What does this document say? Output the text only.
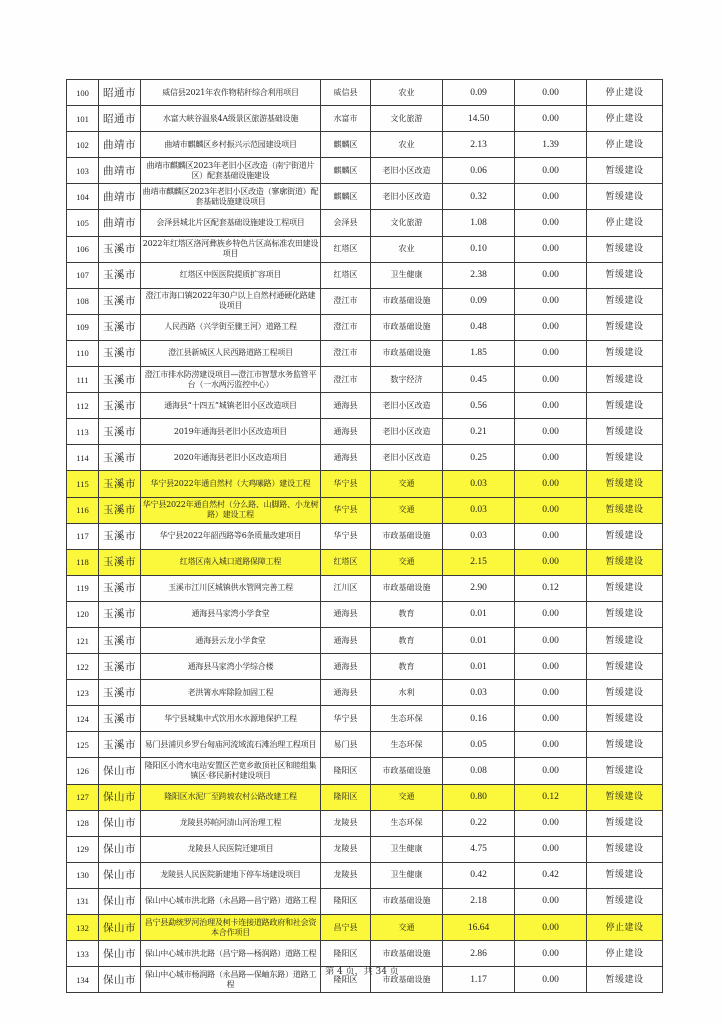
100	昭通市	威信县2021年农作物秸秆综合利用项目	威信县	农业	0.09	0.00	停止建设
101	昭通市	水富大峡谷温泉4A级景区旅游基础设施	水富市	文化旅游	14.50	0.00	停止建设
102	曲靖市	曲靖市麒麟区乡村振兴示范园建设项目	麒麟区	农业	2.13	1.39	停止建设
103	曲靖市	曲靖市麒麟区2023年老旧小区改造（南宁街道片区）配套基础设施建设	麒麟区	老旧小区改造	0.06	0.00	暂缓建设
104	曲靖市	曲靖市麒麟区2023年老旧小区改造（寥廓街道）配套基础设施建设项目	麒麟区	老旧小区改造	0.32	0.00	暂缓建设
105	曲靖市	会泽县城北片区配套基础设施建设工程项目	会泽县	文化旅游	1.08	0.00	停止建设
106	玉溪市	2022年红塔区洛河彝族乡特色片区高标准农田建设项目	红塔区	农业	0.10	0.00	暂缓建设
107	玉溪市	红塔区中医医院提质扩容项目	红塔区	卫生健康	2.38	0.00	暂缓建设
108	玉溪市	澄江市海口镇2022年30户以上自然村通硬化路建设项目	澄江市	市政基础设施	0.09	0.00	暂缓建设
109	玉溪市	人民西路（兴学街至骤王河）道路工程	澄江市	市政基础设施	0.48	0.00	暂缓建设
110	玉溪市	澄江县新城区人民西路道路工程项目	澄江市	市政基础设施	1.85	0.00	暂缓建设
111	玉溪市	澄江市排水防涝建设项目—澄江市智慧水务监管平台（一水两污监控中心）	澄江市	数字经济	0.45	0.00	暂缓建设
112	玉溪市	通海县“十四五”城镇老旧小区改造项目	通海县	老旧小区改造	0.56	0.00	暂缓建设
113	玉溪市	2019年通海县老旧小区改造项目	通海县	老旧小区改造	0.21	0.00	暂缓建设
114	玉溪市	2020年通海县老旧小区改造项目	通海县	老旧小区改造	0.25	0.00	暂缓建设
115	玉溪市	华宁县2022年通自然村（大鸡嗉路）建设工程	华宁县	交通	0.03	0.00	暂缓建设
116	玉溪市	华宁县2022年通自然村（分么路、山脚路、小龙树路）建设工程	华宁县	交通	0.03	0.00	暂缓建设
117	玉溪市	华宁县2022年韶西路等6条质量改建项目	华宁县	市政基础设施	0.03	0.00	暂缓建设
118	玉溪市	红塔区南入城口道路保障工程	红塔区	交通	2.15	0.00	暂缓建设
119	玉溪市	玉溪市江川区城镇供水管网完善工程	江川区	市政基础设施	2.90	0.12	暂缓建设
120	玉溪市	通海县马家湾小学食堂	通海县	教育	0.01	0.00	暂缓建设
121	玉溪市	通海县云龙小学食堂	通海县	教育	0.01	0.00	暂缓建设
122	玉溪市	通海县马家湾小学综合楼	通海县	教育	0.01	0.00	暂缓建设
123	玉溪市	老洪箐水库除险加固工程	通海县	水利	0.03	0.00	暂缓建设
124	玉溪市	华宁县城集中式饮用水水源地保护工程	华宁县	生态环保	0.16	0.00	暂缓建设
125	玉溪市	易门县浦贝乡罗台甸庙河流域流石滩治理工程项目	易门县	生态环保	0.05	0.00	暂缓建设
126	保山市	隆阳区小湾水电站安置区芒宽乡敢顶社区和睦组集镇区·移民新村建设项目	隆阳区	市政基础设施	0.08	0.00	暂缓建设
127	保山市	隆阳区水泥厂至跨坡农村公路改建工程	隆阳区	交通	0.80	0.12	暂缓建设
128	保山市	龙陵县苏帕河清山河治理工程	龙陵县	生态环保	0.22	0.00	暂缓建设
129	保山市	龙陵县人民医院迁建项目	龙陵县	卫生健康	4.75	0.00	暂缓建设
130	保山市	龙陵县人民医院新建地下停车场建设项目	龙陵县	卫生健康	0.42	0.42	暂缓建设
131	保山市	保山中心城市洪北路（永昌路—昌宁路）道路工程	隆阳区	市政基础设施	2.18	0.00	暂缓建设
132	保山市	昌宁县勐统罗河治理及柯卡连接道路政府和社会资本合作项目	昌宁县	交通	16.64	0.00	停止建设
133	保山市	保山中心城市洪北路（昌宁路—杨润路）道路工程	隆阳区	市政基础设施	2.86	0.00	停止建设
134	保山市	保山中心城市杨润路（永昌路—保岫东路）道路工程	隆阳区	市政基础设施	1.17	0.00	暂缓建设
第 4 页，共 34 页
